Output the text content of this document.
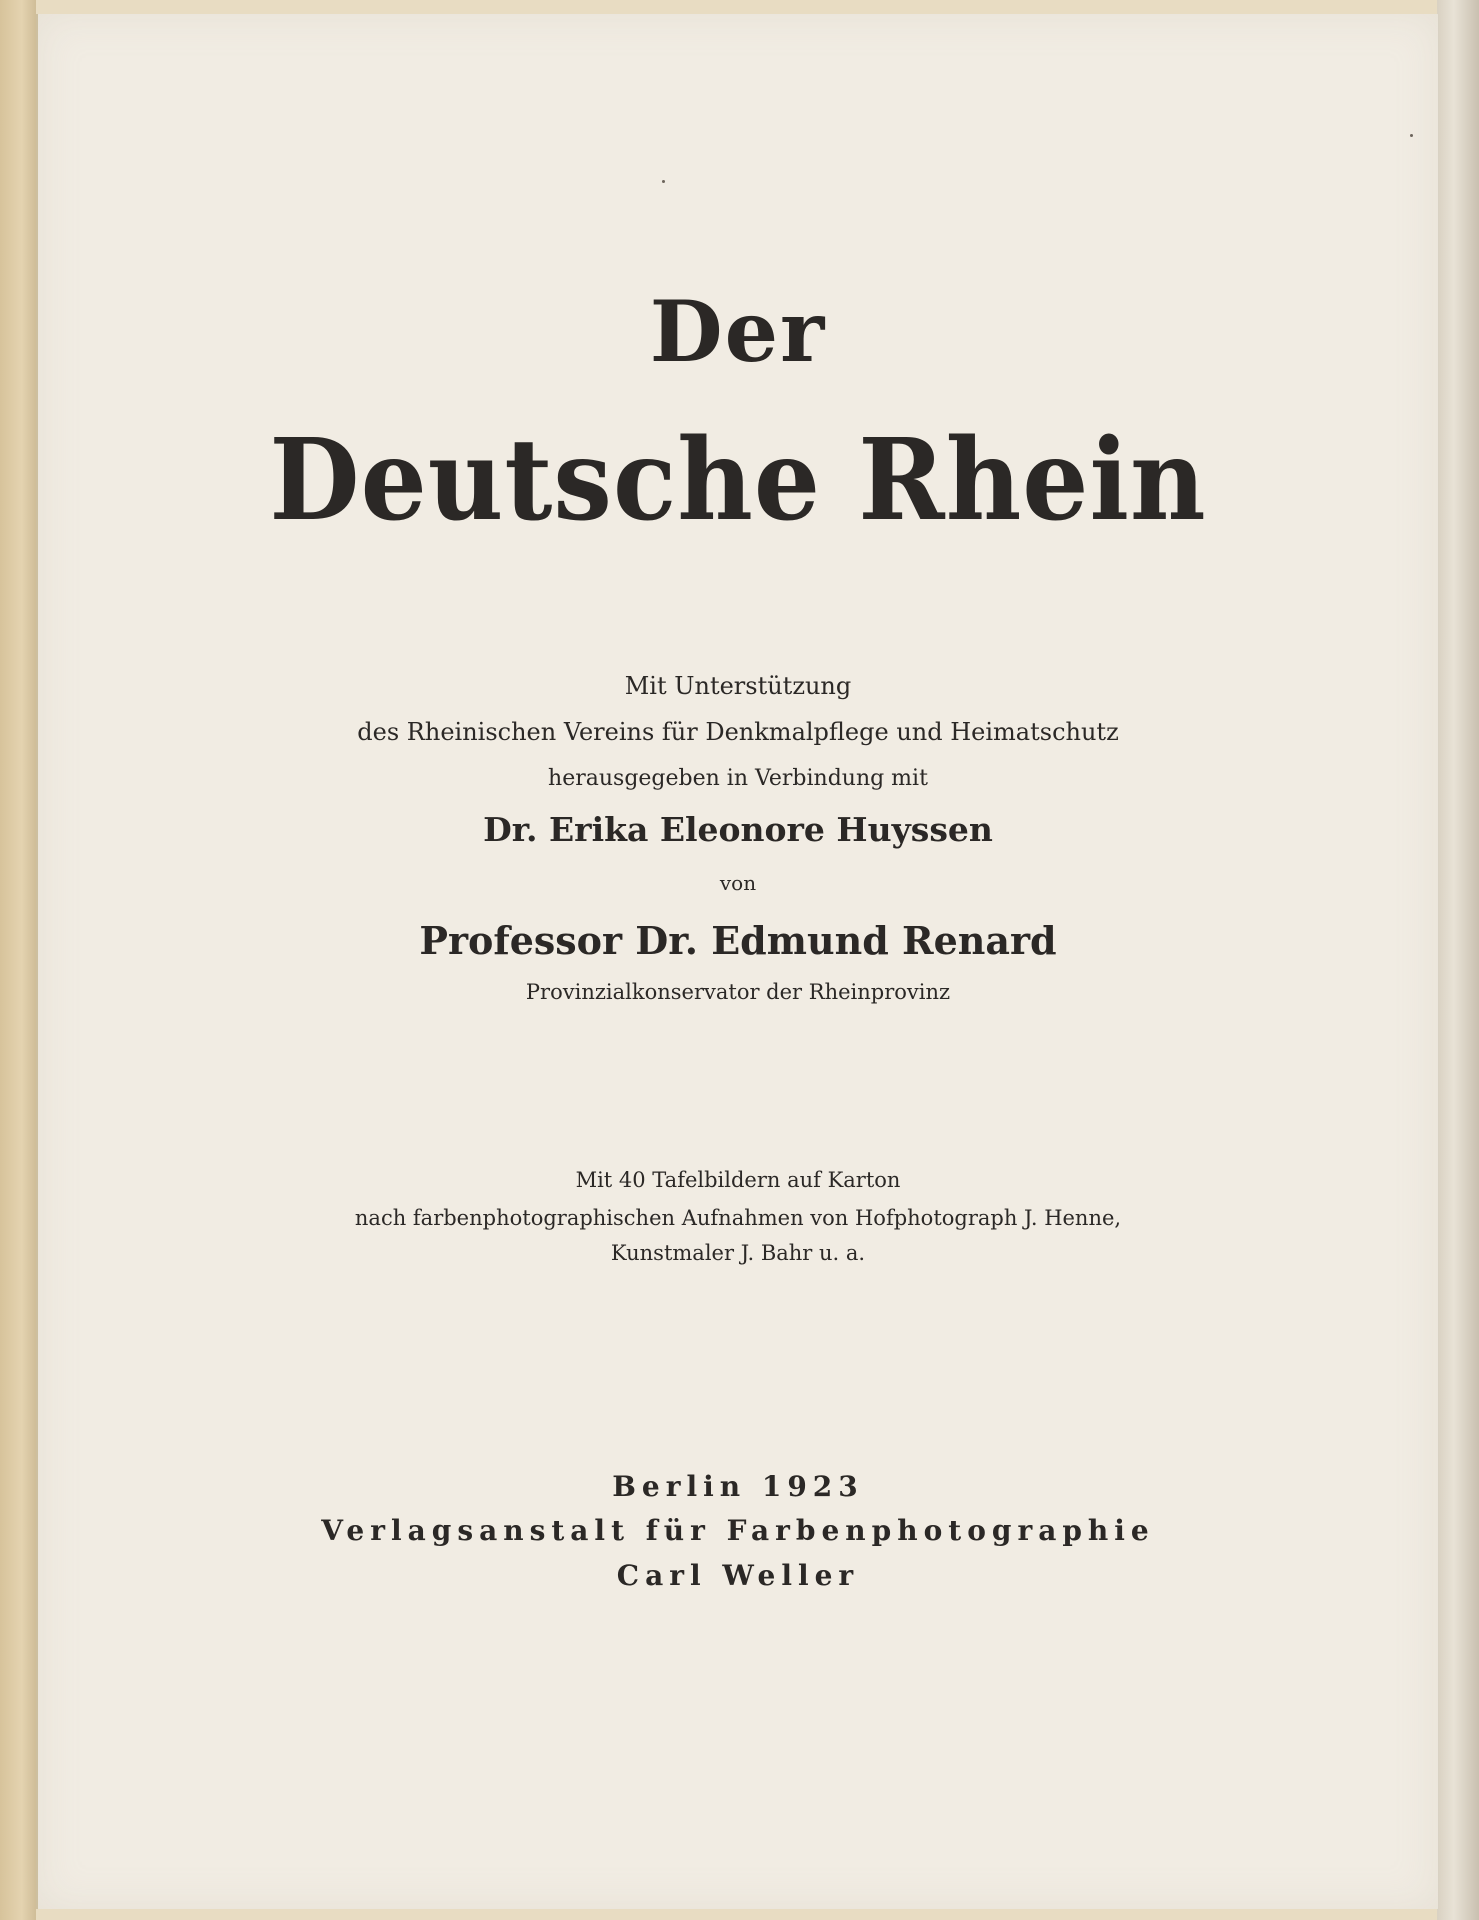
Der
Deutsche Rhein
Mit Unterstützung
des Rheinischen Vereins für Denkmalpflege und Heimatschutz
herausgegeben in Verbindung mit
Dr. Erika Eleonore Huyssen
von
Professor Dr. Edmund Renard
Provinzialkonservator der Rheinprovinz
Mit 40 Tafelbildern auf Karton
nach farbenphotographischen Aufnahmen von Hofphotograph J. Henne,
Kunstmaler J. Bahr u. a.
Berlin 1923
Verlagsanstalt für Farbenphotographie
Carl Weller
